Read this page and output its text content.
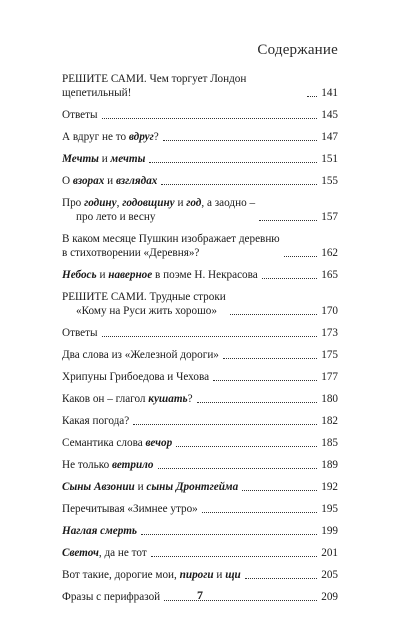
Содержание
РЕШИТЕ САМИ. Чем торгует Лондон щепетильный!	141
Ответы	145
А вдруг не то вдруг?	147
Мечты и мечты	151
О взорах и взглядах	155
Про годину, годовщину и год, а заодно –
про лето и весну	157
В каком месяце Пушкин изображает деревню
в стихотворении «Деревня»?	162
Небось и наверное в поэме Н. Некрасова	165
РЕШИТЕ САМИ. Трудные строки
«Кому на Руси жить хорошо»	170
Ответы	173
Два слова из «Железной дороги»	175
Хрипуны Грибоедова и Чехова	177
Каков он – глагол кушать?	180
Какая погода?	182
Семантика слова вечор	185
Не только ветрило	189
Сыны Авзонии и сыны Дронтгейма	192
Перечитывая «Зимнее утро»	195
Наглая смерть	199
Светоч, да не тот	201
Вот такие, дорогие мои, пироги и щи	205
Фразы с перифразой	209
7
